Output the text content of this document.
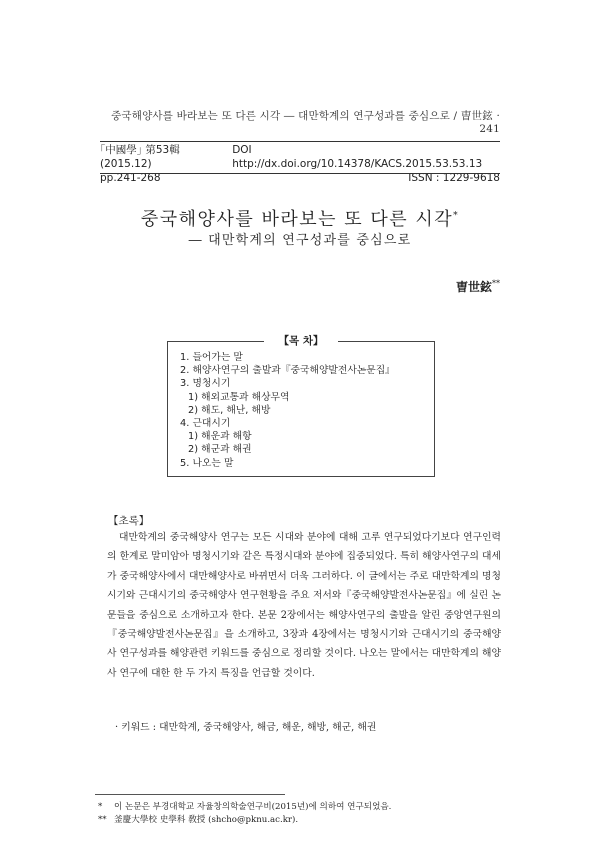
중국해양사를 바라보는 또 다른 시각 ― 대만학계의 연구성과를 중심으로 / 曺世鉉 · 241
｢中國學｣ 第53輯 (2015.12)
DOI http://dx.doi.org/10.14378/KACS.2015.53.53.13
pp.241-268	ISSN : 1229-9618
중국해양사를 바라보는 또 다른 시각*
― 대만학계의 연구성과를 중심으로
曺世鉉**
【목 차】
1. 들어가는 말
2. 해양사연구의 출발과『중국해양발전사논문집』
3. 명청시기
1) 해외교통과 해상무역
2) 해도, 해난, 해방
4. 근대시기
1) 해운과 해항
2) 해군과 해권
5. 나오는 말
【초록】

대만학계의 중국해양사 연구는 모든 시대와 분야에 대해 고루 연구되었다기보다 연구인력의 한계로 말미암아 명청시기와 같은 특정시대와 분야에 집중되었다. 특히 해양사연구의 대세가 중국해양사에서 대만해양사로 바뀌면서 더욱 그러하다. 이 글에서는 주로 대만학계의 명청시기와 근대시기의 중국해양사 연구현황을 주요 저서와『중국해양발전사논문집』에 실린 논문들을 중심으로 소개하고자 한다. 본문 2장에서는 해양사연구의 출발을 알린 중앙연구원의『중국해양발전사논문집』을 소개하고, 3장과 4장에서는 명청시기와 근대시기의 중국해양사 연구성과를 해양관련 키워드를 중심으로 정리할 것이다. 나오는 말에서는 대만학계의 해양사 연구에 대한 한 두 가지 특징을 언급할 것이다.

· 키워드 : 대만학계, 중국해양사, 해금, 해운, 해방, 해군, 해권
* 이 논문은 부경대학교 자율창의학술연구비(2015년)에 의하여 연구되었음.
** 釜慶大學校 史學科 敎授 (shcho@pknu.ac.kr).
